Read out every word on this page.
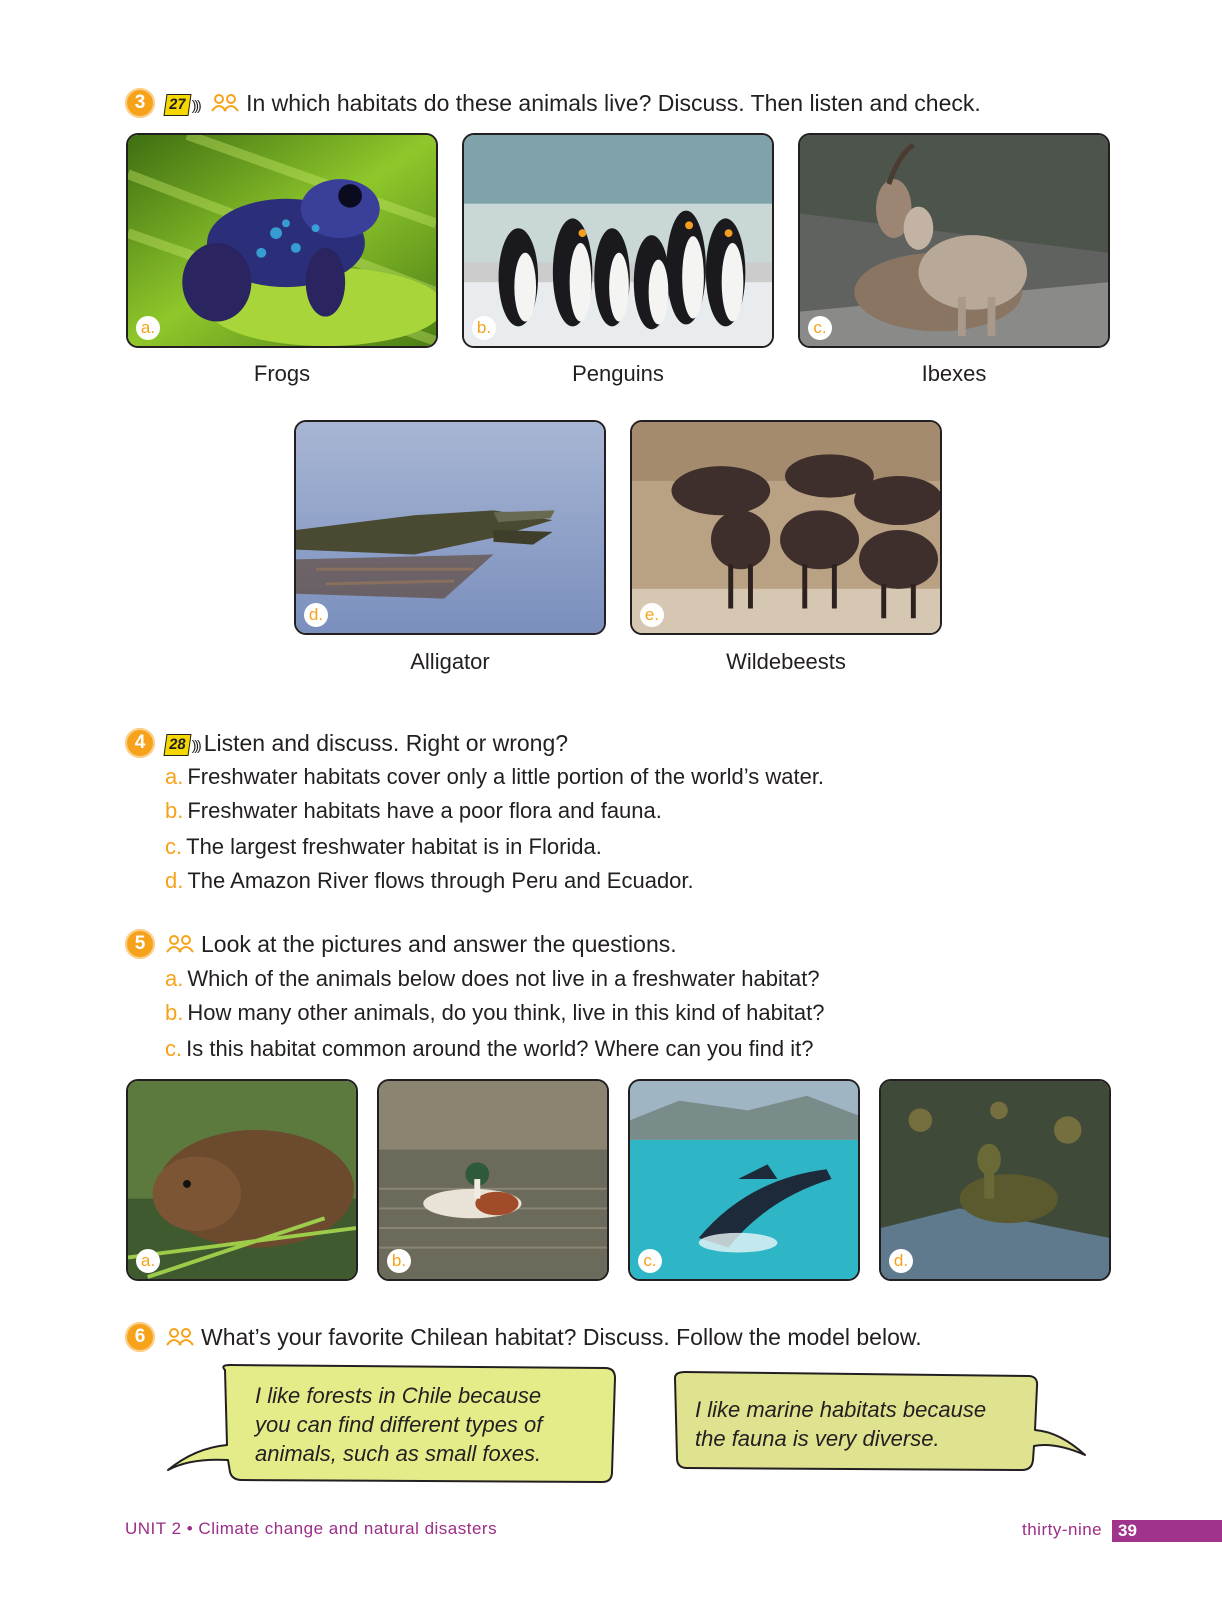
3	27 ))) In which habitats do these animals live? Discuss. Then listen and check.
a.
Frogs
b.
Penguins
c.
Ibexes
d.
Alligator
e.
Wildebeests
4	28 ))) Listen and discuss. Right or wrong?
a. Freshwater habitats cover only a little portion of the world’s water.
b. Freshwater habitats have a poor flora and fauna.
c. The largest freshwater habitat is in Florida.
d. The Amazon River flows through Peru and Ecuador.
5	Look at the pictures and answer the questions.
a. Which of the animals below does not live in a freshwater habitat?
b. How many other animals, do you think, live in this kind of habitat?
c. Is this habitat common around the world? Where can you find it?
a.	b.	c.	d.
6	What’s your favorite Chilean habitat? Discuss. Follow the model below.
I like forests in Chile because
you can find different types of
animals, such as small foxes.
I like marine habitats because
the fauna is very diverse.
UNIT 2 • Climate change and natural disasters	thirty-nine 39
